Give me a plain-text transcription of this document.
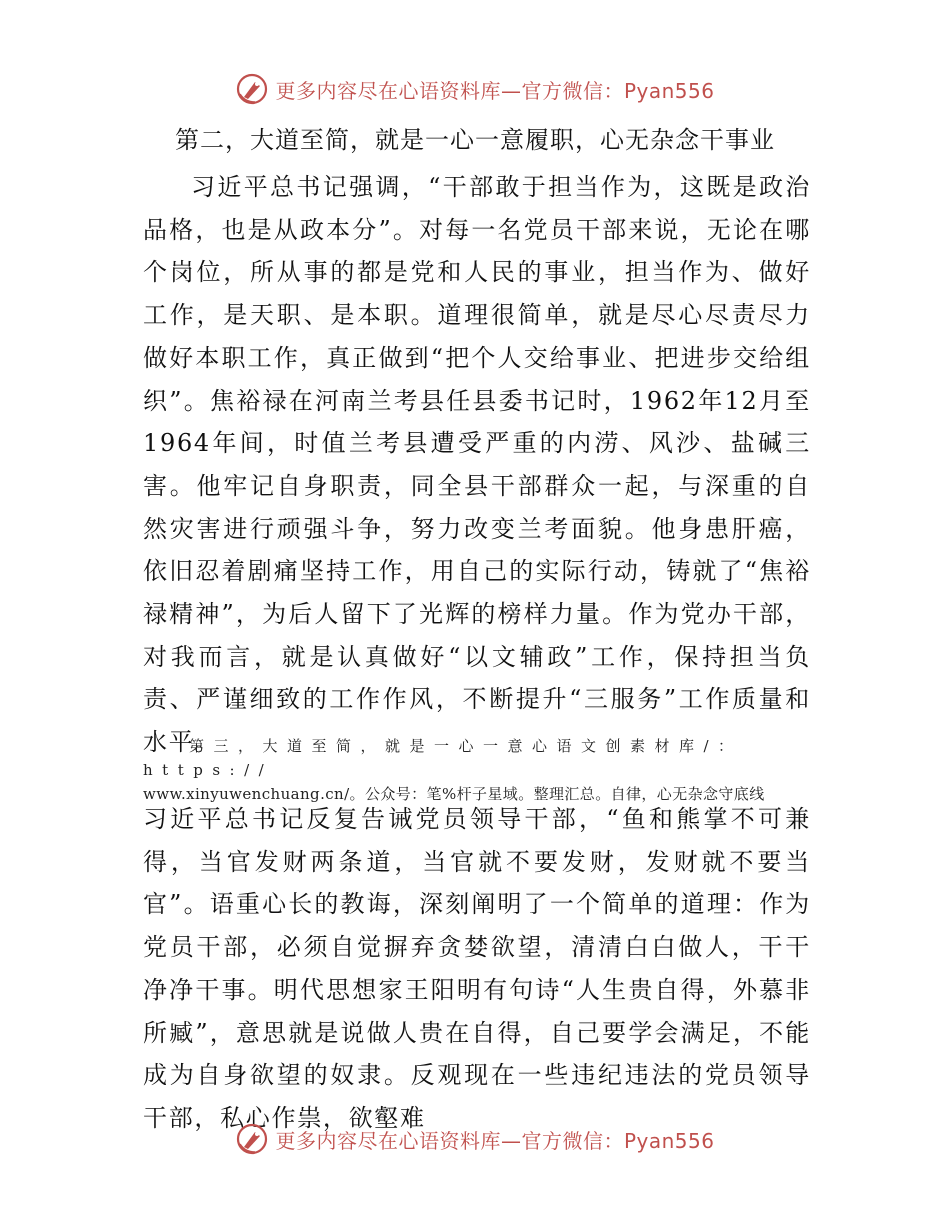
更多内容尽在心语资料库—官方微信：Pyan556
第二，大道至简，就是一心一意履职，心无杂念干事业

习近平总书记强调，“干部敢于担当作为，这既是政治品格，也是从政本分”。对每一名党员干部来说，无论在哪个岗位，所从事的都是党和人民的事业，担当作为、做好工作，是天职、是本职。道理很简单，就是尽心尽责尽力做好本职工作，真正做到“把个人交给事业、把进步交给组织”。焦裕禄在河南兰考县任县委书记时，1962年12月至1964年间，时值兰考县遭受严重的内涝、风沙、盐碱三害。他牢记自身职责，同全县干部群众一起，与深重的自然灾害进行顽强斗争，努力改变兰考面貌。他身患肝癌，依旧忍着剧痛坚持工作，用自己的实际行动，铸就了“焦裕禄精神”，为后人留下了光辉的榜样力量。作为党办干部，对我而言，就是认真做好“以文辅政”工作，保持担当负责、严谨细致的工作作风，不断提升“三服务”工作质量和水平。

第三，大道至简，就是一心一意心语文创素材库/：https://
www.xinyuwenchuang.cn/。公众号：笔%杆子星域。整理汇总。自律，心无杂念守底线

习近平总书记反复告诫党员领导干部，“鱼和熊掌不可兼得，当官发财两条道，当官就不要发财，发财就不要当官”。语重心长的教诲，深刻阐明了一个简单的道理：作为党员干部，必须自觉摒弃贪婪欲望，清清白白做人，干干净净干事。明代思想家王阳明有句诗“人生贵自得，外慕非所臧”，意思就是说做人贵在自得，自己要学会满足，不能成为自身欲望的奴隶。反观现在一些违纪违法的党员领导干部，私心作祟，欲壑难

更多内容尽在心语资料库—官方微信：Pyan556
